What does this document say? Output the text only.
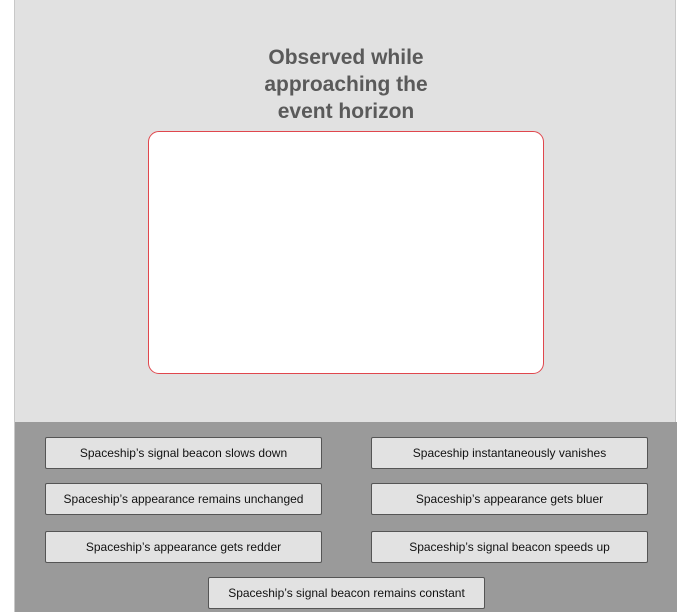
Observed while
approaching the
event horizon
Spaceship’s signal beacon slows down	Spaceship instantaneously vanishes
Spaceship’s appearance remains unchanged	Spaceship’s appearance gets bluer
Spaceship’s appearance gets redder	Spaceship’s signal beacon speeds up
Spaceship’s signal beacon remains constant
